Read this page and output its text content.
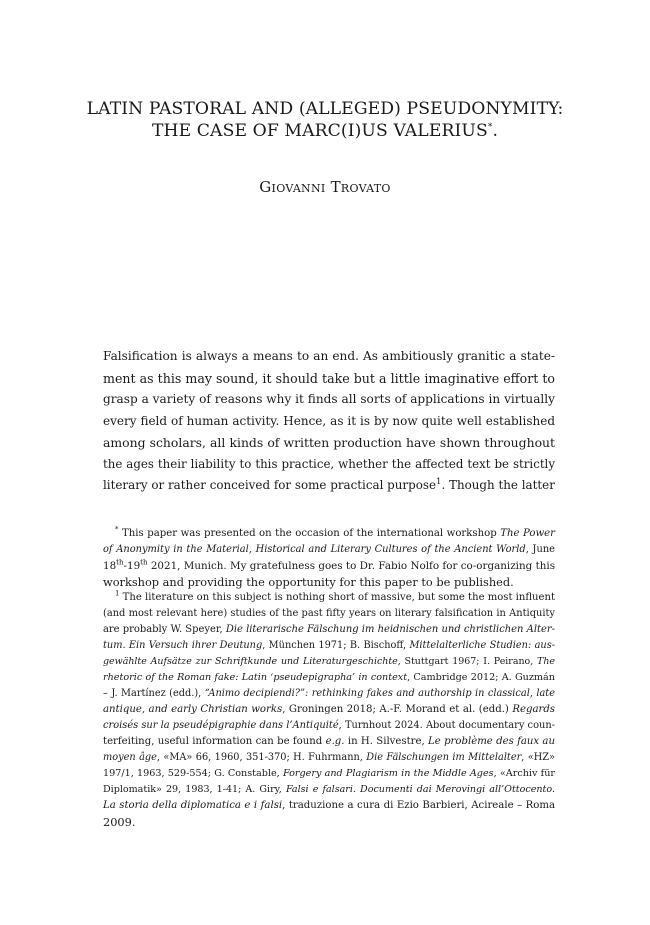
LATIN PASTORAL AND (ALLEGED) PSEUDONYMITY:
THE CASE OF MARC(I)US VALERIUS*.
Giovanni Trovato
Falsification is always a means to an end. As ambitiously granitic a state-
ment as this may sound, it should take but a little imaginative effort to
grasp a variety of reasons why it finds all sorts of applications in virtually
every field of human activity. Hence, as it is by now quite well established
among scholars, all kinds of written production have shown throughout
the ages their liability to this practice, whether the affected text be strictly
literary or rather conceived for some practical purpose$^1$. Though the latter
* This paper was presented on the occasion of the international workshop The Power
of Anonymity in the Material, Historical and Literary Cultures of the Ancient World, June
18th-19th 2021, Munich. My gratefulness goes to Dr. Fabio Nolfo for co-organizing this
workshop and providing the opportunity for this paper to be published.
$^1$ The literature on this subject is nothing short of massive, but some the most influent
(and most relevant here) studies of the past fifty years on literary falsification in Antiquity
are probably W. Speyer, Die literarische Fälschung im heidnischen und christlichen Alter-
tum. Ein Versuch ihrer Deutung, München 1971; B. Bischoff, Mittelalterliche Studien: aus-
gewählte Aufsätze zur Schriftkunde und Literaturgeschichte, Stuttgart 1967; I. Peirano, The
rhetoric of the Roman fake: Latin ‘pseudepigrapha’ in context, Cambridge 2012; A. Guzmán
– J. Martínez (edd.), “Animo decipiendi?”: rethinking fakes and authorship in classical, late
antique, and early Christian works, Groningen 2018; A.-F. Morand et al. (edd.) Regards
croisés sur la pseudépigraphie dans l’Antiquité, Turnhout 2024. About documentary coun-
terfeiting, useful information can be found e.g. in H. Silvestre, Le problème des faux au
moyen âge, «MA» 66, 1960, 351-370; H. Fuhrmann, Die Fälschungen im Mittelalter, «HZ»
197/1, 1963, 529-554; G. Constable, Forgery and Plagiarism in the Middle Ages, «Archiv für
Diplomatik» 29, 1983, 1-41; A. Giry, Falsi e falsari. Documenti dai Merovingi all’Ottocento.
La storia della diplomatica e i falsi, traduzione a cura di Ezio Barbieri, Acireale – Roma
2009.
